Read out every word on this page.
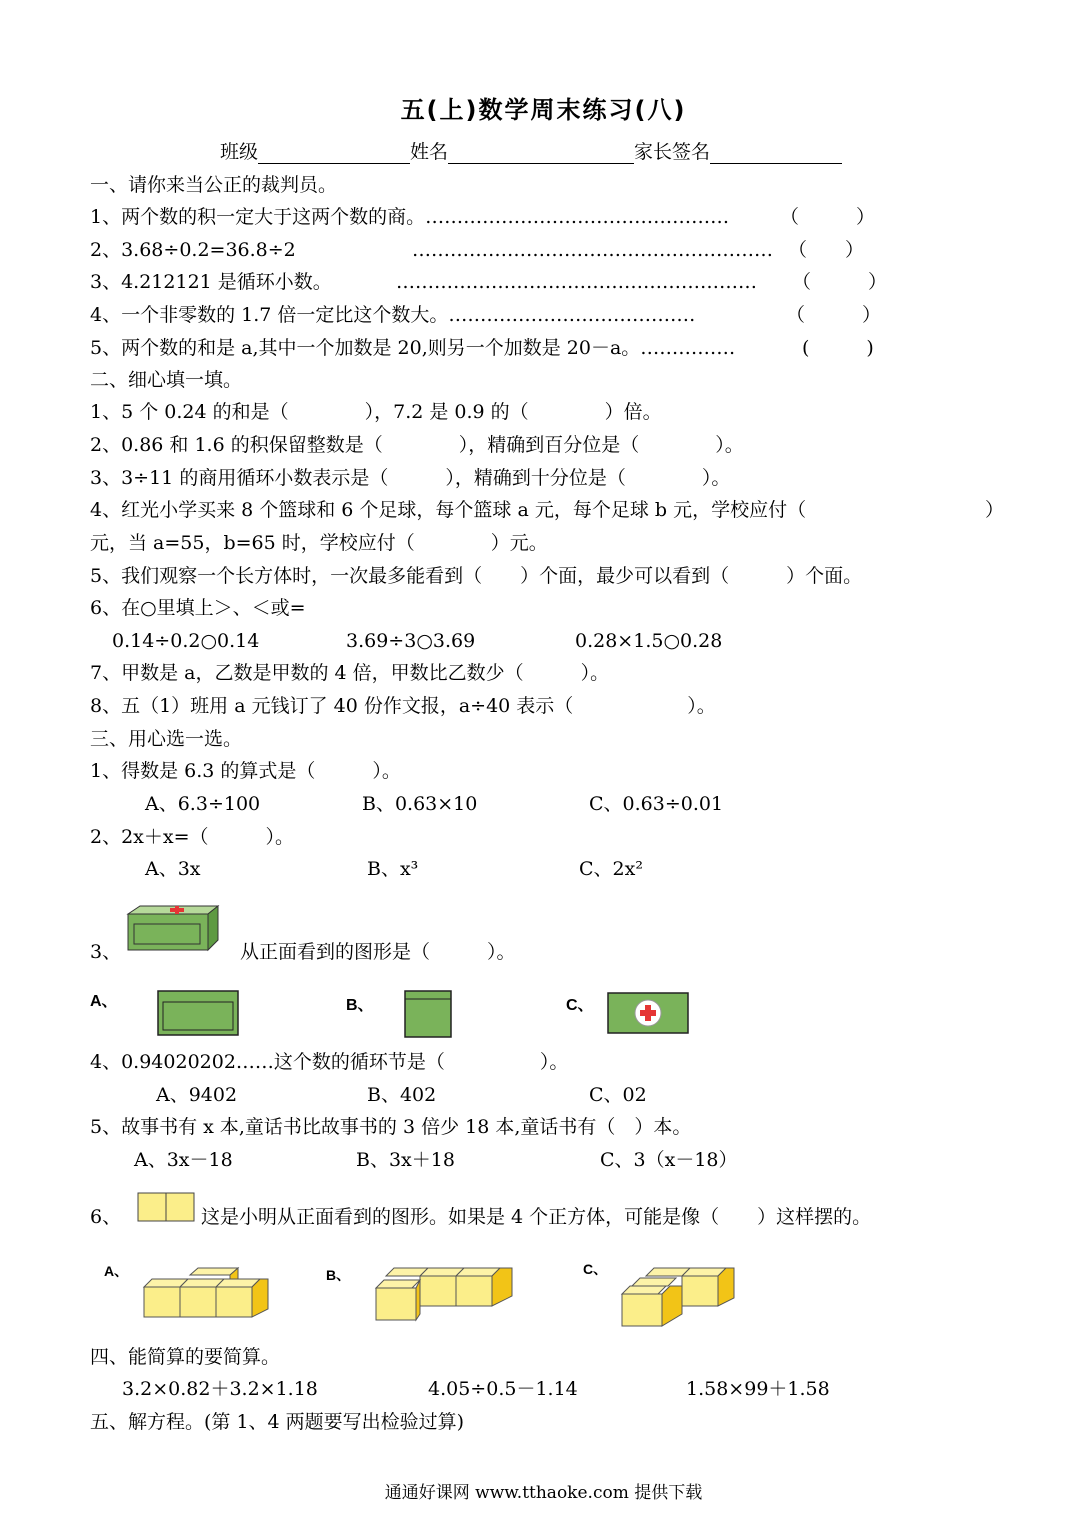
五(上)数学周末练习(八)
班级	姓名	家长签名
一、请你来当公正的裁判员。
1、两个数的积一定大于这两个数的商。…………………………………………	（　　　）
2、3.68÷0.2=36.8÷2	………………………………………………… （　　）
3、4.212121 是循环小数。	………………………………………………… （　　　）
4、一个非零数的 1.7 倍一定比这个数大。…………………………………	（　　　）
5、两个数的和是 a,其中一个加数是 20,则另一个加数是 20－a。……………	(　　　)
二、细心填一填。
1、5 个 0.24 的和是（　　　　），7.2 是 0.9 的（　　　　）倍。
2、0.86 和 1.6 的积保留整数是（　　　　），精确到百分位是（　　　　）。
3、3÷11 的商用循环小数表示是（　　　），精确到十分位是（　　　　）。
4、红光小学买来 8 个篮球和 6 个足球，每个篮球 a 元，每个足球 b 元，学校应付（	）
元，当 a=55，b=65 时，学校应付（　　　　）元。
5、我们观察一个长方体时，一次最多能看到（　　）个面，最少可以看到（　　　）个面。
6、在○里填上＞、＜或=
0.14÷0.2○0.14	3.69÷3○3.69	0.28×1.5○0.28
7、甲数是 a，乙数是甲数的 4 倍，甲数比乙数少（　　　）。
8、五（1）班用 a 元钱订了 40 份作文报，a÷40 表示（　　　　　　）。
三、用心选一选。
1、得数是 6.3 的算式是（　　　）。
A、6.3÷100	B、0.63×10	C、0.63÷0.01
2、2x＋x=（　　　）。
A、3x	B、x³	C、2x²
3、	从正面看到的图形是（　　　）。
A、	B、	C、
4、0.94020202……这个数的循环节是（　　　　　）。
A、9402	B、402	C、02
5、故事书有 x 本,童话书比故事书的 3 倍少 18 本,童话书有（　）本。
A、3x－18	B、3x＋18	C、3（x－18）
6、	这是小明从正面看到的图形。如果是 4 个正方体，可能是像（　　）这样摆的。
A、	B、	C、
四、能简算的要简算。
3.2×0.82＋3.2×1.18	4.05÷0.5－1.14	1.58×99＋1.58
五、解方程。(第 1、4 两题要写出检验过算)
通通好课网 www.tthaoke.com 提供下载
